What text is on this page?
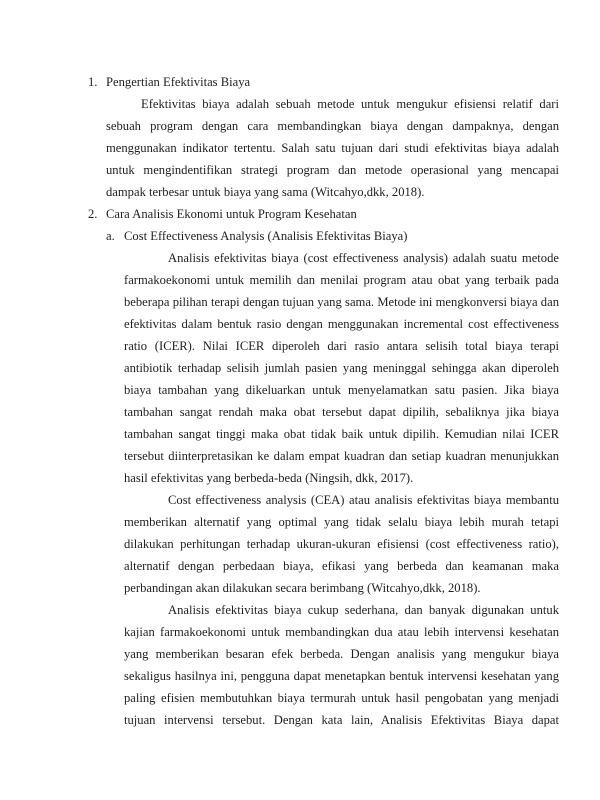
1. Pengertian Efektivitas Biaya
Efektivitas biaya adalah sebuah metode untuk mengukur efisiensi relatif dari
sebuah program dengan cara membandingkan biaya dengan dampaknya, dengan
menggunakan indikator tertentu. Salah satu tujuan dari studi efektivitas biaya adalah
untuk mengindentifikan strategi program dan metode operasional yang mencapai
dampak terbesar untuk biaya yang sama (Witcahyo,dkk, 2018).
2. Cara Analisis Ekonomi untuk Program Kesehatan
a. Cost Effectiveness Analysis (Analisis Efektivitas Biaya)
Analisis efektivitas biaya (cost effectiveness analysis) adalah suatu metode
farmakoekonomi untuk memilih dan menilai program atau obat yang terbaik pada
beberapa pilihan terapi dengan tujuan yang sama. Metode ini mengkonversi biaya dan
efektivitas dalam bentuk rasio dengan menggunakan incremental cost effectiveness
ratio (ICER). Nilai ICER diperoleh dari rasio antara selisih total biaya terapi
antibiotik terhadap selisih jumlah pasien yang meninggal sehingga akan diperoleh
biaya tambahan yang dikeluarkan untuk menyelamatkan satu pasien. Jika biaya
tambahan sangat rendah maka obat tersebut dapat dipilih, sebaliknya jika biaya
tambahan sangat tinggi maka obat tidak baik untuk dipilih. Kemudian nilai ICER
tersebut diinterpretasikan ke dalam empat kuadran dan setiap kuadran menunjukkan
hasil efektivitas yang berbeda-beda (Ningsih, dkk, 2017).
Cost effectiveness analysis (CEA) atau analisis efektivitas biaya membantu
memberikan alternatif yang optimal yang tidak selalu biaya lebih murah tetapi
dilakukan perhitungan terhadap ukuran-ukuran efisiensi (cost effectiveness ratio),
alternatif dengan perbedaan biaya, efikasi yang berbeda dan keamanan maka
perbandingan akan dilakukan secara berimbang (Witcahyo,dkk, 2018).
Analisis efektivitas biaya cukup sederhana, dan banyak digunakan untuk
kajian farmakoekonomi untuk membandingkan dua atau lebih intervensi kesehatan
yang memberikan besaran efek berbeda. Dengan analisis yang mengukur biaya
sekaligus hasilnya ini, pengguna dapat menetapkan bentuk intervensi kesehatan yang
paling efisien membutuhkan biaya termurah untuk hasil pengobatan yang menjadi
tujuan intervensi tersebut. Dengan kata lain, Analisis Efektivitas Biaya dapat
